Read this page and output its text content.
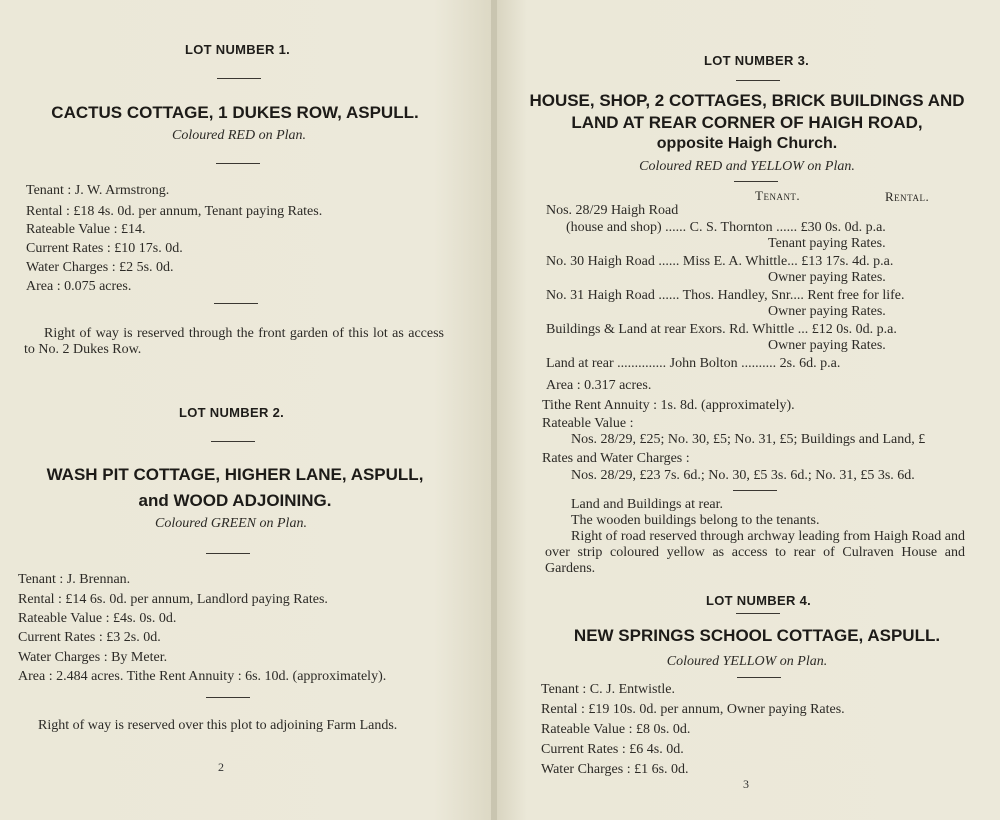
LOT NUMBER 1.
CACTUS COTTAGE, 1 DUKES ROW, ASPULL.
Coloured RED on Plan.
Tenant : J. W. Armstrong.
Rental : £18 4s. 0d. per annum, Tenant paying Rates.
Rateable Value : £14.
Current Rates : £10 17s. 0d.
Water Charges : £2 5s. 0d.
Area : 0.075 acres.
Right of way is reserved through the front garden of this lot as access to No. 2 Dukes Row.
LOT NUMBER 2.
WASH PIT COTTAGE, HIGHER LANE, ASPULL,
and WOOD ADJOINING.
Coloured GREEN on Plan.
Tenant : J. Brennan.
Rental : £14 6s. 0d. per annum, Landlord paying Rates.
Rateable Value : £4s. 0s. 0d.
Current Rates : £3 2s. 0d.
Water Charges : By Meter.
Area : 2.484 acres. Tithe Rent Annuity : 6s. 10d. (approximately).
Right of way is reserved over this plot to adjoining Farm Lands.
2
LOT NUMBER 3.
HOUSE, SHOP, 2 COTTAGES, BRICK BUILDINGS AND
LAND AT REAR CORNER OF HAIGH ROAD,
opposite Haigh Church.
Coloured RED and YELLOW on Plan.
Tenant.	Rental.
Nos. 28/29 Haigh Road
(house and shop) ...... C. S. Thornton ...... £30 0s. 0d. p.a.
Tenant paying Rates.
No. 30 Haigh Road ...... Miss E. A. Whittle... £13 17s. 4d. p.a.
Owner paying Rates.
No. 31 Haigh Road ...... Thos. Handley, Snr.... Rent free for life.
Owner paying Rates.
Buildings & Land at rear Exors. Rd. Whittle ... £12 0s. 0d. p.a.
Owner paying Rates.
Land at rear .............. John Bolton .......... 2s. 6d. p.a.
Area : 0.317 acres.
Tithe Rent Annuity : 1s. 8d. (approximately).
Rateable Value :
Nos. 28/29, £25; No. 30, £5; No. 31, £5; Buildings and Land, £
Rates and Water Charges :
Nos. 28/29, £23 7s. 6d.; No. 30, £5 3s. 6d.; No. 31, £5 3s. 6d.
Land and Buildings at rear.
The wooden buildings belong to the tenants.
Right of road reserved through archway leading from Haigh Road and over strip coloured yellow as access to rear of Culraven House and Gardens.
LOT NUMBER 4.
NEW SPRINGS SCHOOL COTTAGE, ASPULL.
Coloured YELLOW on Plan.
Tenant : C. J. Entwistle.
Rental : £19 10s. 0d. per annum, Owner paying Rates.
Rateable Value : £8 0s. 0d.
Current Rates : £6 4s. 0d.
Water Charges : £1 6s. 0d.
3
